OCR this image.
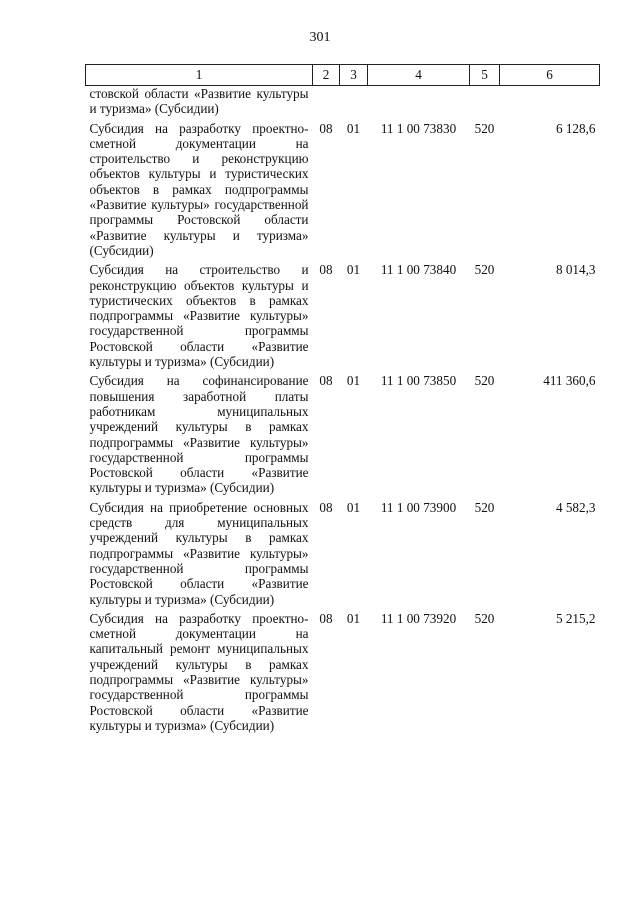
301
1	2	3	4	5	6
стовской области «Развитие культуры и туризма» (Субсидии)					
Субсидия на разработку проектно-сметной документации на строительство и реконструкцию объектов культуры и туристических объектов в рамках подпрограммы «Развитие культуры» государственной программы Ростовской области «Развитие культуры и туризма» (Субсидии)	08	01	11 1 00 73830	520	6 128,6
Субсидия на строительство и реконструкцию объектов культуры и туристических объектов в рамках подпрограммы «Развитие культуры» государственной программы Ростовской области «Развитие культуры и туризма» (Субсидии)	08	01	11 1 00 73840	520	8 014,3
Субсидия на софинансирование повышения заработной платы работникам муниципальных учреждений культуры в рамках подпрограммы «Развитие культуры» государственной программы Ростовской области «Развитие культуры и туризма» (Субсидии)	08	01	11 1 00 73850	520	411 360,6
Субсидия на приобретение основных средств для муниципальных учреждений культуры в рамках подпрограммы «Развитие культуры» государственной программы Ростовской области «Развитие культуры и туризма» (Субсидии)	08	01	11 1 00 73900	520	4 582,3
Субсидия на разработку проектно-сметной документации на капитальный ремонт муниципальных учреждений культуры в рамках подпрограммы «Развитие культуры» государственной программы Ростовской области «Развитие культуры и туризма» (Субсидии)	08	01	11 1 00 73920	520	5 215,2
